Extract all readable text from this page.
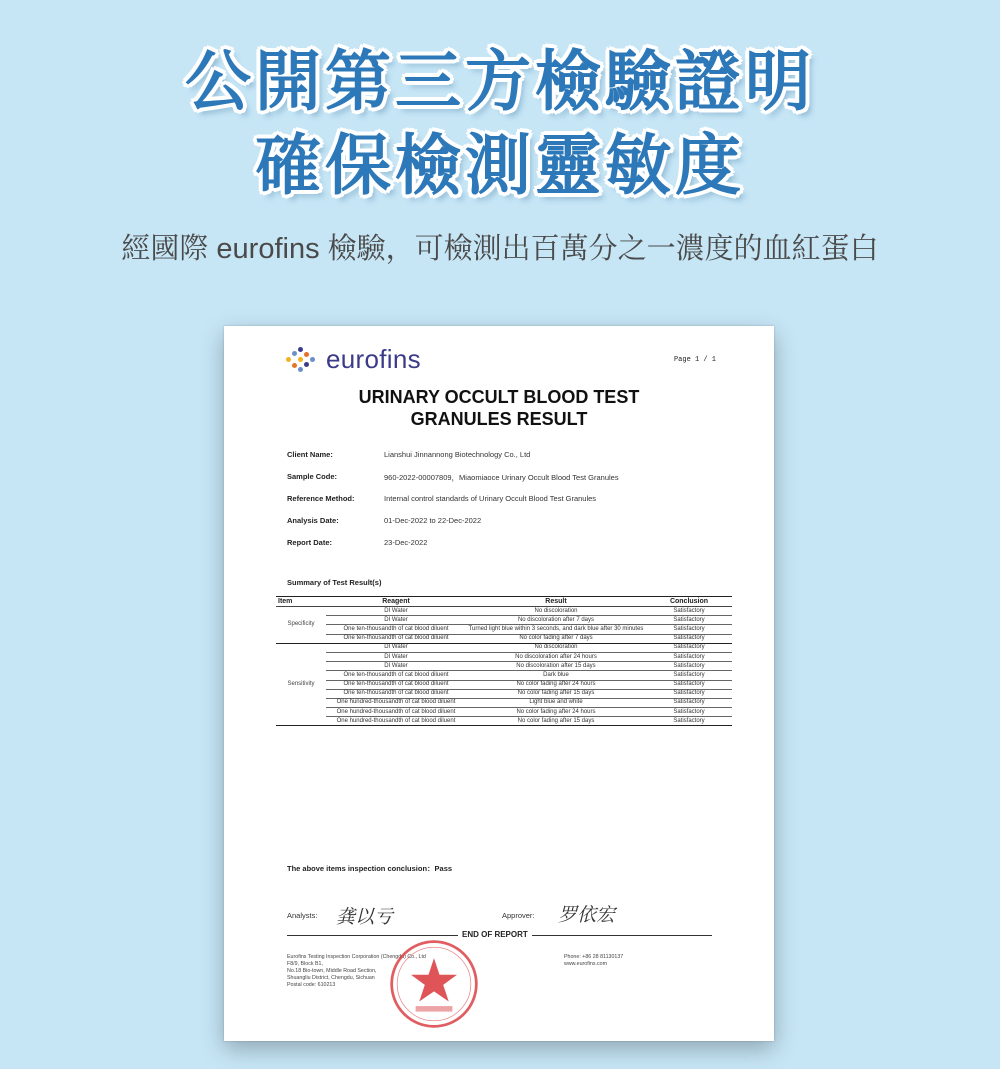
公開第三方檢驗證明
確保檢測靈敏度
經國際 eurofins 檢驗，可檢測出百萬分之一濃度的血紅蛋白
eurofins	Page 1 / 1
URINARY OCCULT BLOOD TEST
GRANULES RESULT
Client Name:	Lianshui Jinnannong Biotechnology Co., Ltd
Sample Code:	960-2022-00007809，Miaomiaoce Urinary Occult Blood Test Granules
Reference Method:	Internal control standards of Urinary Occult Blood Test Granules
Analysis Date:	01-Dec-2022 to 22-Dec-2022
Report Date:	23-Dec-2022
Summary of Test Result(s)
Item	Reagent	Result	Conclusion
Specificity	DI Water	No discoloration	Satisfactory
	DI Water	No discoloration after 7 days	Satisfactory
	One ten-thousandth of cat blood diluent	Turned light blue within 3 seconds, and dark blue after 30 minutes	Satisfactory
	One ten-thousandth of cat blood diluent	No color fading after 7 days	Satisfactory
Sensitivity	DI Water	No discoloration	Satisfactory
	DI Water	No discoloration after 24 hours	Satisfactory
	DI Water	No discoloration after 15 days	Satisfactory
	One ten-thousandth of cat blood diluent	Dark blue	Satisfactory
	One ten-thousandth of cat blood diluent	No color fading after 24 hours	Satisfactory
	One ten-thousandth of cat blood diluent	No color fading after 15 days	Satisfactory
	One hundred-thousandth of cat blood diluent	Light blue and white	Satisfactory
	One hundred-thousandth of cat blood diluent	No color fading after 24 hours	Satisfactory
	One hundred-thousandth of cat blood diluent	No color fading after 15 days	Satisfactory
The above items inspection conclusion：Pass
Analysts: 龚以亏	Approver: 罗依宏
END OF REPORT
Eurofins Testing Inspection Corporation (Chengdu) Co., Ltd
F8/9, Block B1,
No.18 Bio-town, Middle Road Section,
Shuangliu District, Chengdu, Sichuan
Postal code: 610213
Phone: +86 28 81130137
www.eurofins.com
